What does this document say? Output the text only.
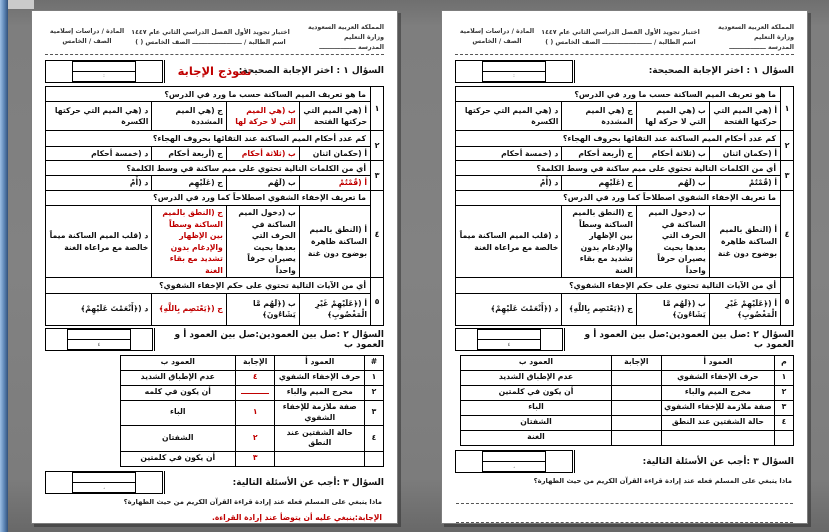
المملكة العربية السعودية
وزارة التعليم
المدرسة ـــــــــــــــــ
اختبار تجويد الأول الفصل الدراسي الثاني عام ١٤٤٧
اسم الطالبة / ـــــــــــــــــــــــ الصف الخامس ( )
المادة / دراسات إسلامية
الصف / الخامس
السؤال ١ : اختر الإجابة الصحيحة:
نموذج الإجابة
:
١
ما هو تعريف الميم الساكنة حسب ما ورد في الدرس؟
أ (هي الميم التي حركتها الفتحة
ب (هي الميم التي لا حركة لها
ج (هي الميم المشددة
د (هي الميم التي حركتها الكسرة
٢
كم عدد أحكام الميم الساكنة عند التقائها بحروف الهجاء؟
أ (حكمان اثنان
ب (ثلاثة أحكام
ج (أربعة أحكام
د (خمسة أحكام
٣
أي من الكلمات التالية تحتوي على ميم ساكنة في وسط الكلمة؟
أ (قُمْتُمْ
ب (لَهُم
ج (عَلَيْهِم
د (أَمْ
٤
ما تعريف الإخفاء الشفوي اصطلاحاً كما ورد في الدرس؟
أ (النطق بالميم الساكنة ظاهرة بوضوح دون غنة
ب (دخول الميم الساكنة في الحرف التي بعدها بحيث يصيران حرفاً واحداً
ج (النطق بالميم الساكنة وسطاً بين الإظهار والإدغام بدون تشديد مع بقاء الغنة
د (قلب الميم الساكنة ميماً خالصة مع مراعاة الغنة
٥
أي من الآيات التالية تحتوي على حكم الإخفاء الشفوي؟
أ (﴿عَلَيْهِمْ غَيْرِ الْمَغْضُوبِ﴾
ب (﴿لَهُم مَّا يَشَاءُونَ﴾
ج (﴿يَعْتَصِم بِاللَّهِ﴾
د (﴿أَنْعَمْتَ عَلَيْهِمْ﴾
السؤال ٢ :صل بين العمودين:صل بين العمود أ و العمود ب
٤
#	العمود أ	الإجابة	العمود ب
١	حرف الإخفاء الشفوي	٤	عدم الإطباق الشديد
٢	مخرج الميم والباء		أن يكون في كلمه
٣	صفة ملازمة للإخفاء الشفوي	١	الباء
٤	حالة الشفتين عند النطق	٢	الشفتان
		٣	أن يكون في كلمتين
السؤال ٣ :أجب عن الأسئلة التالية:
،
ماذا ينبغي على المسلم فعله عند إرادة قراءة القرآن الكريم من حيث الطهارة؟
الإجابة:ينبغي عليه أن يتوضأ عند إرادة القراءة.
المملكة العربية السعودية
وزارة التعليم
المدرسة ـــــــــــــــــ
اختبار تجويد الأول الفصل الدراسي الثاني عام ١٤٤٧
اسم الطالبة / ـــــــــــــــــــــــ الصف الخامس ( )
المادة / دراسات إسلامية
الصف / الخامس
السؤال ١ : اختر الإجابة الصحيحة:
:
١
ما هو تعريف الميم الساكنة حسب ما ورد في الدرس؟
أ (هي الميم التي حركتها الفتحة
ب (هي الميم التي لا حركة لها
ج (هي الميم المشددة
د (هي الميم التي حركتها الكسرة
٢
كم عدد أحكام الميم الساكنة عند التقائها بحروف الهجاء؟
أ (حكمان اثنان
ب (ثلاثة أحكام
ج (أربعة أحكام
د (خمسة أحكام
٣
أي من الكلمات التالية تحتوي على ميم ساكنة في وسط الكلمة؟
أ (قُمْتُمْ
ب (لَهُم
ج (عَلَيْهِم
د (أَمْ
٤
ما تعريف الإخفاء الشفوي اصطلاحاً كما ورد في الدرس؟
أ (النطق بالميم الساكنة ظاهرة بوضوح دون غنة
ب (دخول الميم الساكنة في الحرف التي بعدها بحيث يصيران حرفاً واحداً
ج (النطق بالميم الساكنة وسطاً بين الإظهار والإدغام بدون تشديد مع بقاء الغنة
د (قلب الميم الساكنة ميماً خالصة مع مراعاة الغنة
٥
أي من الآيات التالية تحتوي على حكم الإخفاء الشفوي؟
أ (﴿عَلَيْهِمْ غَيْرِ الْمَغْضُوبِ﴾
ب (﴿لَهُم مَّا يَشَاءُونَ﴾
ج (﴿يَعْتَصِم بِاللَّهِ﴾
د (﴿أَنْعَمْتَ عَلَيْهِمْ﴾
السؤال ٢ :صل بين العمودين:صل بين العمود أ و العمود ب
٤
م	العمود أ	الإجابة	العمود ب
١	حرف الإخفاء الشفوي		عدم الإطباق الشديد
٢	مخرج الميم والباء		أن يكون في كلمتين
٣	صفة ملازمة للإخفاء الشفوي		الباء
٤	حالة الشفتين عند النطق		الشفتان
			الغنة
السؤال ٣ :أجب عن الأسئلة التالية:
،
ماذا ينبغي على المسلم فعله عند إرادة قراءة القرآن الكريم من حيث الطهارة؟
